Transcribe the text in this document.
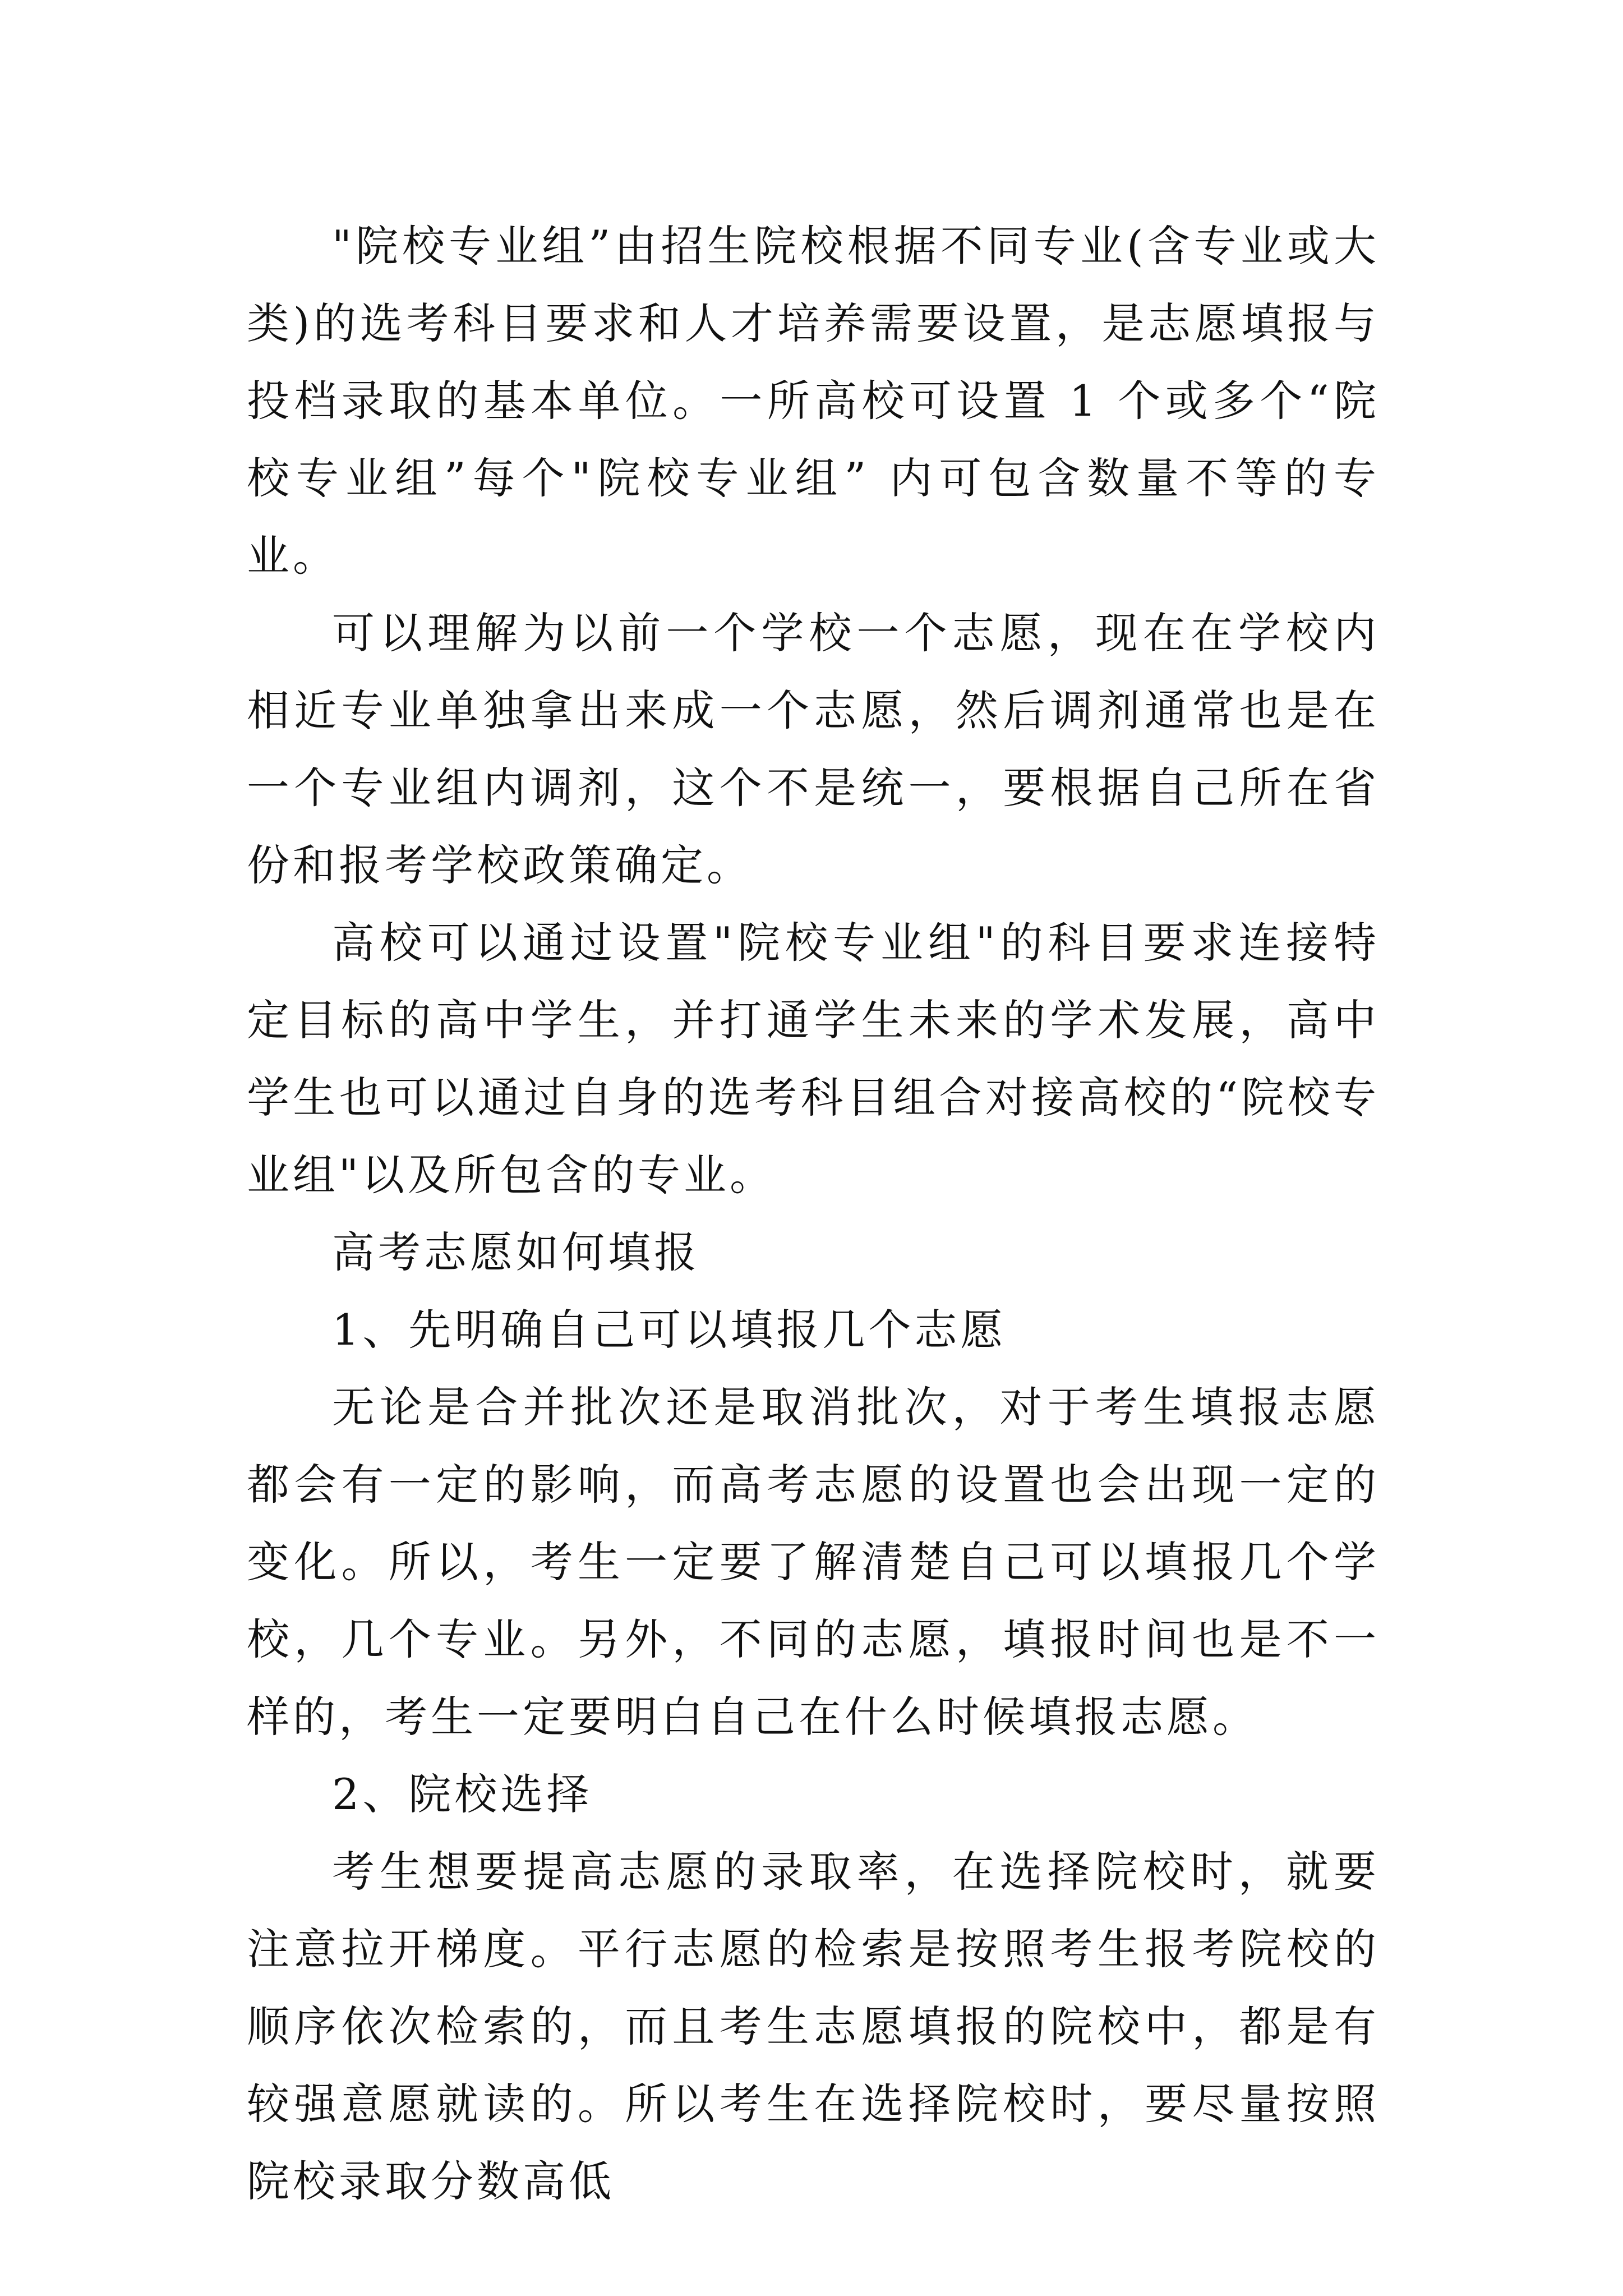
"院校专业组”由招生院校根据不同专业(含专业或大类)的选考科目要求和人才培养需要设置，是志愿填报与投档录取的基本单位。一所高校可设置 1 个或多个“院校专业组”每个"院校专业组” 内可包含数量不等的专业。

可以理解为以前一个学校一个志愿，现在在学校内相近专业单独拿出来成一个志愿，然后调剂通常也是在一个专业组内调剂，这个不是统一，要根据自己所在省份和报考学校政策确定。

高校可以通过设置"院校专业组"的科目要求连接特定目标的高中学生，并打通学生未来的学术发展，高中学生也可以通过自身的选考科目组合对接高校的“院校专业组"以及所包含的专业。

高考志愿如何填报

1、先明确自己可以填报几个志愿

无论是合并批次还是取消批次，对于考生填报志愿都会有一定的影响，而高考志愿的设置也会出现一定的变化。所以，考生一定要了解清楚自己可以填报几个学校，几个专业。另外，不同的志愿，填报时间也是不一样的，考生一定要明白自己在什么时候填报志愿。

2、院校选择

考生想要提高志愿的录取率，在选择院校时，就要注意拉开梯度。平行志愿的检索是按照考生报考院校的顺序依次检索的，而且考生志愿填报的院校中，都是有较强意愿就读的。所以考生在选择院校时，要尽量按照院校录取分数高低
